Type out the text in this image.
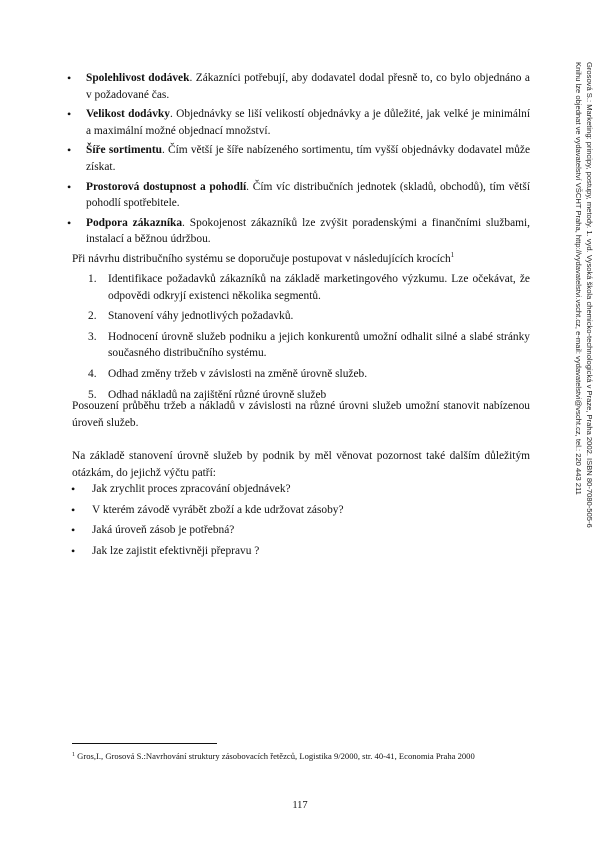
• Spolehlivost dodávek. Zákazníci potřebují, aby dodavatel dodal přesně to, co bylo objednáno a v požadované čas.
• Velikost dodávky. Objednávky se liší velikostí objednávky a je důležité, jak velké je minimální a maximální možné objednací množství.
• Šíře sortimentu. Čím větší je šíře nabízeného sortimentu, tím vyšší objednávky dodavatel může získat.
• Prostorová dostupnost a pohodlí. Čím víc distribučních jednotek (skladů, obchodů), tím větší pohodlí spotřebitele.
• Podpora zákazníka. Spokojenost zákazníků lze zvýšit poradenskými a finančními službami, instalací a běžnou údržbou.

Při návrhu distribučního systému se doporučuje postupovat v následujících krocích$^1$

1. Identifikace požadavků zákazníků na základě marketingového výzkumu. Lze očekávat, že odpovědi odkryjí existenci několika segmentů.
2. Stanovení váhy jednotlivých požadavků.
3. Hodnocení úrovně služeb podniku a jejich konkurentů umožní odhalit silné a slabé stránky současného distribučního systému.
4. Odhad změny tržeb v závislosti na změně úrovně služeb.
5. Odhad nákladů na zajištění různé úrovně služeb

Posouzení průběhu tržeb a nákladů v závislosti na různé úrovni služeb umožní stanovit nabízenou úroveň služeb.

Na základě stanovení úrovně služeb by podnik by měl věnovat pozornost také dalším důležitým otázkám, do jejichž výčtu patří:

• Jak zrychlit proces zpracování objednávek?
• V kterém závodě vyrábět zboží a kde udržovat zásoby?
• Jaká úroveň zásob je potřebná?
• Jak lze zajistit efektivněji přepravu ?

$^1$ Gros,I., Grosová S.:Navrhování struktury zásobovacích řetězců, Logistika 9/2000, str. 40-41, Economia Praha 2000

117
Grosová S.: Marketing: principy, postupy, metody. 1. vyd. Vysoká škola chemicko-technologická v Praze, Praha 2002. ISBN 80-7080-505-6
Knihu lze objednat ve vydavatelství VŠCHT Praha, http://vydavatelstvi.vscht.cz, e-mail: vydavatelstvi@vscht.cz, tel.: 220 443 211
